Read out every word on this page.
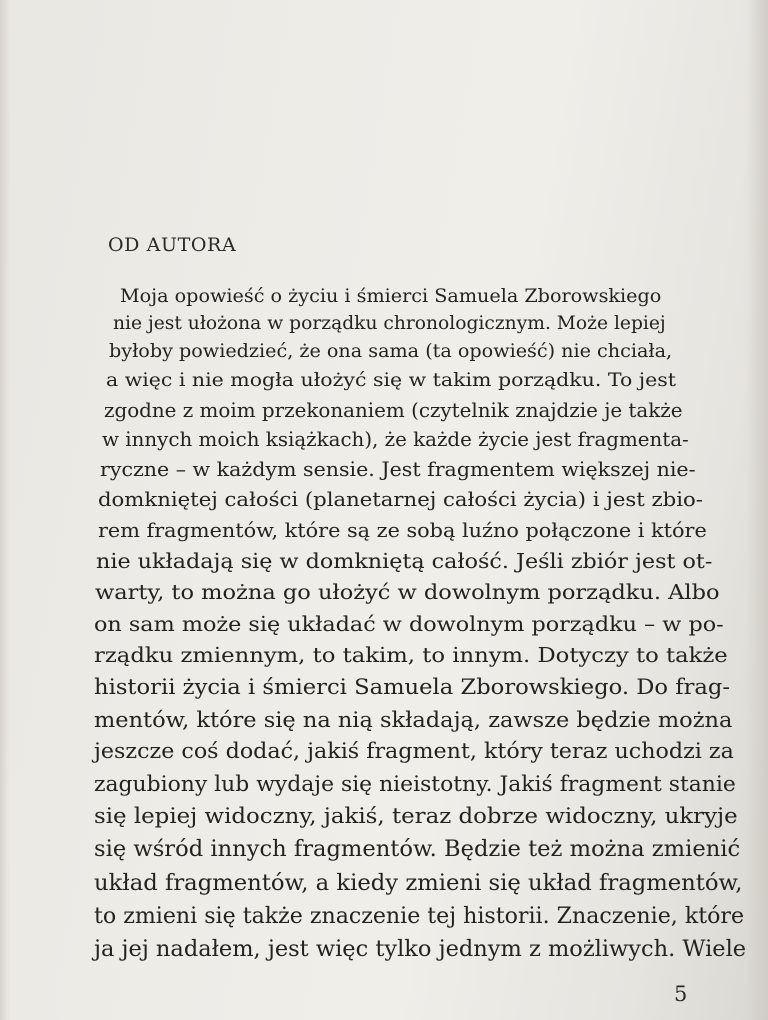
OD AUTORA
Moja opowieść o życiu i śmierci Samuela Zborowskiego
nie jest ułożona w porządku chronologicznym. Może lepiej
byłoby powiedzieć, że ona sama (ta opowieść) nie chciała,
a więc i nie mogła ułożyć się w takim porządku. To jest
zgodne z moim przekonaniem (czytelnik znajdzie je także
w innych moich książkach), że każde życie jest fragmenta-
ryczne – w każdym sensie. Jest fragmentem większej nie-
domkniętej całości (planetarnej całości życia) i jest zbio-
rem fragmentów, które są ze sobą luźno połączone i które
nie układają się w domkniętą całość. Jeśli zbiór jest ot-
warty, to można go ułożyć w dowolnym porządku. Albo
on sam może się układać w dowolnym porządku – w po-
rządku zmiennym, to takim, to innym. Dotyczy to także
historii życia i śmierci Samuela Zborowskiego. Do frag-
mentów, które się na nią składają, zawsze będzie można
jeszcze coś dodać, jakiś fragment, który teraz uchodzi za
zagubiony lub wydaje się nieistotny. Jakiś fragment stanie
się lepiej widoczny, jakiś, teraz dobrze widoczny, ukryje
się wśród innych fragmentów. Będzie też można zmienić
układ fragmentów, a kiedy zmieni się układ fragmentów,
to zmieni się także znaczenie tej historii. Znaczenie, które
ja jej nadałem, jest więc tylko jednym z możliwych. Wiele
5
